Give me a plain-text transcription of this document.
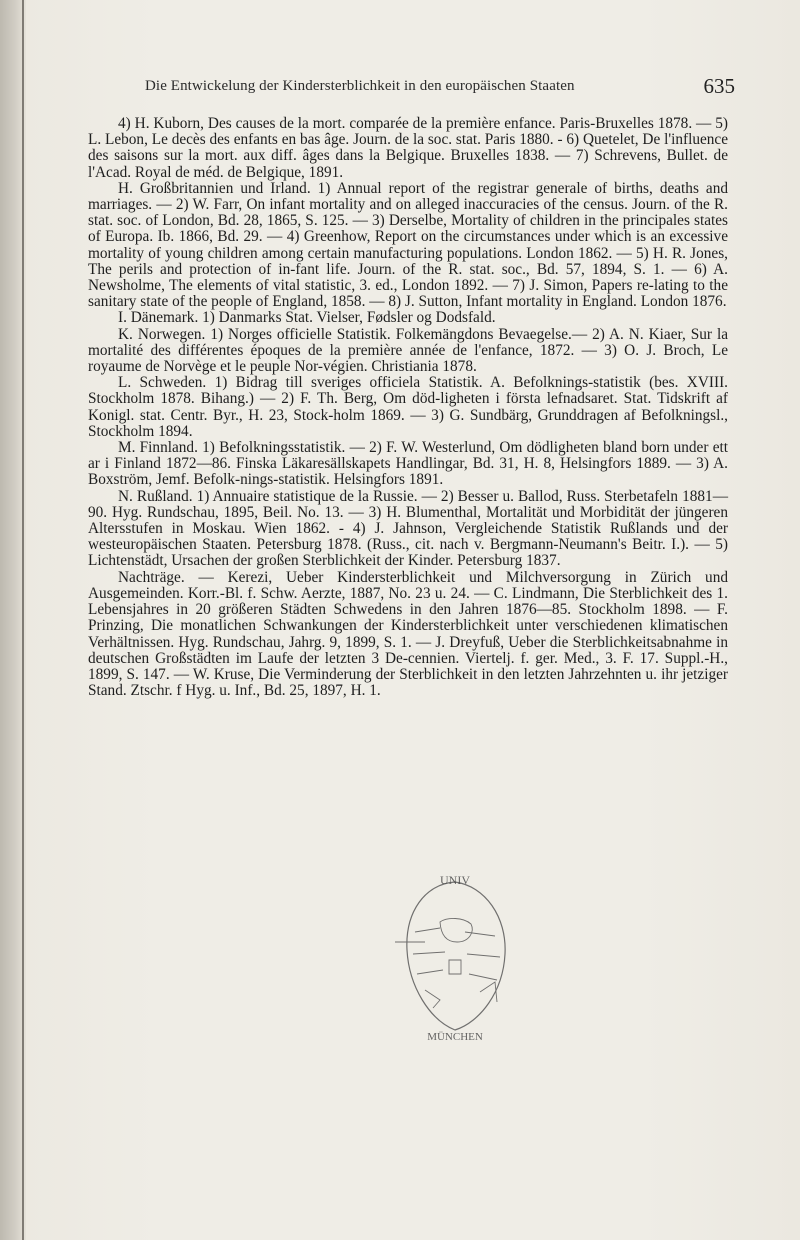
Die Entwickelung der Kindersterblichkeit in den europäischen Staaten	635

4) H. Kuborn, Des causes de la mort. comparée de la première enfance. Paris-Bruxelles 1878. — 5) L. Lebon, Le decès des enfants en bas âge. Journ. de la soc. stat. Paris 1880. - 6) Quetelet, De l'influence des saisons sur la mort. aux diff. âges dans la Belgique. Bruxelles 1838. — 7) Schrevens, Bullet. de l'Acad. Royal de méd. de Belgique, 1891.

H. Großbritannien und Irland. 1) Annual report of the registrar generale of births, deaths and marriages. — 2) W. Farr, On infant mortality and on alleged inaccuracies of the census. Journ. of the R. stat. soc. of London, Bd. 28, 1865, S. 125. — 3) Derselbe, Mortality of children in the principales states of Europa. Ib. 1866, Bd. 29. — 4) Greenhow, Report on the circumstances under which is an excessive mortality of young children among certain manufacturing populations. London 1862. — 5) H. R. Jones, The perils and protection of in-fant life. Journ. of the R. stat. soc., Bd. 57, 1894, S. 1. — 6) A. Newsholme, The elements of vital statistic, 3. ed., London 1892. — 7) J. Simon, Papers re-lating to the sanitary state of the people of England, 1858. — 8) J. Sutton, Infant mortality in England. London 1876.

I. Dänemark. 1) Danmarks Stat. Vielser, Fødsler og Dodsfald.

K. Norwegen. 1) Norges officielle Statistik. Folkemängdons Bevaegelse.— 2) A. N. Kiaer, Sur la mortalité des différentes époques de la première année de l'enfance, 1872. — 3) O. J. Broch, Le royaume de Norvège et le peuple Nor-végien. Christiania 1878.

L. Schweden. 1) Bidrag till sveriges officiela Statistik. A. Befolknings-statistik (bes. XVIII. Stockholm 1878. Bihang.) — 2) F. Th. Berg, Om död-ligheten i första lefnadsaret. Stat. Tidskrift af Konigl. stat. Centr. Byr., H. 23, Stock-holm 1869. — 3) G. Sundbärg, Grunddragen af Befolkningsl., Stockholm 1894.

M. Finnland. 1) Befolkningsstatistik. — 2) F. W. Westerlund, Om dödligheten bland born under ett ar i Finland 1872—86. Finska Läkaresällskapets Handlingar, Bd. 31, H. 8, Helsingfors 1889. — 3) A. Boxström, Jemf. Befolk-nings-statistik. Helsingfors 1891.

N. Rußland. 1) Annuaire statistique de la Russie. — 2) Besser u. Ballod, Russ. Sterbetafeln 1881—90. Hyg. Rundschau, 1895, Beil. No. 13. — 3) H. Blumenthal, Mortalität und Morbidität der jüngeren Altersstufen in Moskau. Wien 1862. - 4) J. Jahnson, Vergleichende Statistik Rußlands und der westeuropäischen Staaten. Petersburg 1878. (Russ., cit. nach v. Bergmann-Neumann's Beitr. I.). — 5) Lichtenstädt, Ursachen der großen Sterblichkeit der Kinder. Petersburg 1837.

Nachträge. — Kerezi, Ueber Kindersterblichkeit und Milchversorgung in Zürich und Ausgemeinden. Korr.-Bl. f. Schw. Aerzte, 1887, No. 23 u. 24. — C. Lindmann, Die Sterblichkeit des 1. Lebensjahres in 20 größeren Städten Schwedens in den Jahren 1876—85. Stockholm 1898. — F. Prinzing, Die monatlichen Schwankungen der Kindersterblichkeit unter verschiedenen klimatischen Verhältnissen. Hyg. Rundschau, Jahrg. 9, 1899, S. 1. — J. Dreyfuß, Ueber die Sterblichkeitsabnahme in deutschen Großstädten im Laufe der letzten 3 De-cennien. Viertelj. f. ger. Med., 3. F. 17. Suppl.-H., 1899, S. 147. — W. Kruse, Die Verminderung der Sterblichkeit in den letzten Jahrzehnten u. ihr jetziger Stand. Ztschr. f Hyg. u. Inf., Bd. 25, 1897, H. 1.

UNIV
MÜNCHEN
